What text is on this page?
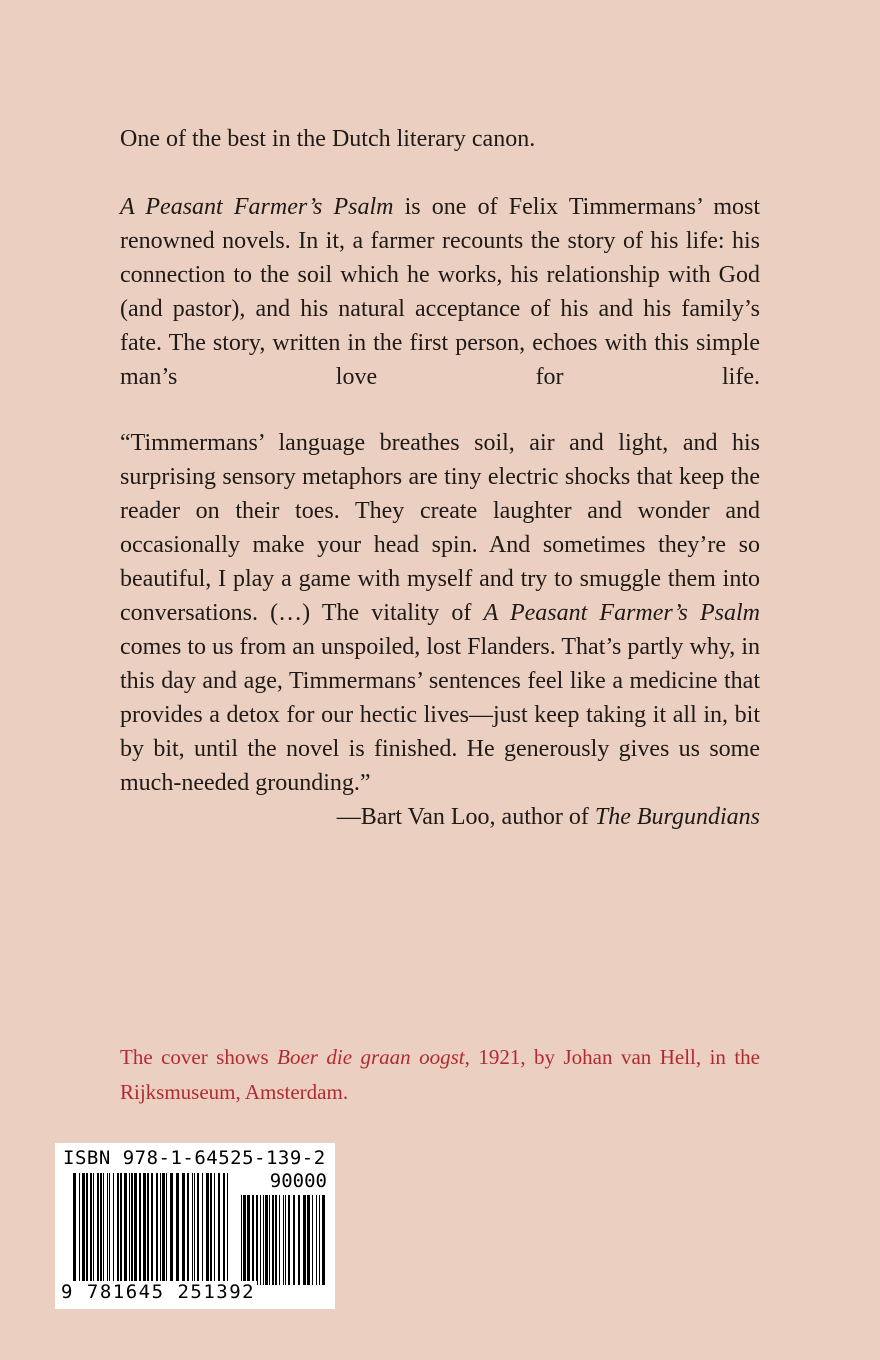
One of the best in the Dutch literary canon.

A Peasant Farmer’s Psalm is one of Felix Timmermans’ most renowned novels. In it, a farmer recounts the story of his life: his connection to the soil which he works, his relationship with God (and pastor), and his natural acceptance of his and his family’s fate. The story, written in the first person, echoes with this simple man’s love for life.

“Timmermans’ language breathes soil, air and light, and his surprising sensory metaphors are tiny electric shocks that keep the reader on their toes. They create laughter and wonder and occasionally make your head spin. And sometimes they’re so beautiful, I play a game with myself and try to smuggle them into conversations. (…) The vitality of A Peasant Farmer’s Psalm comes to us from an unspoiled, lost Flanders. That’s partly why, in this day and age, Timmermans’ sentences feel like a medicine that provides a detox for our hectic lives—just keep taking it all in, bit by bit, until the novel is finished. He generously gives us some much-needed grounding.”

—Bart Van Loo, author of The Burgundians

The cover shows Boer die graan oogst, 1921, by Johan van Hell, in the Rijksmuseum, Amsterdam.

ISBN 978-1-64525-139-2
90000
9 781645 251392
